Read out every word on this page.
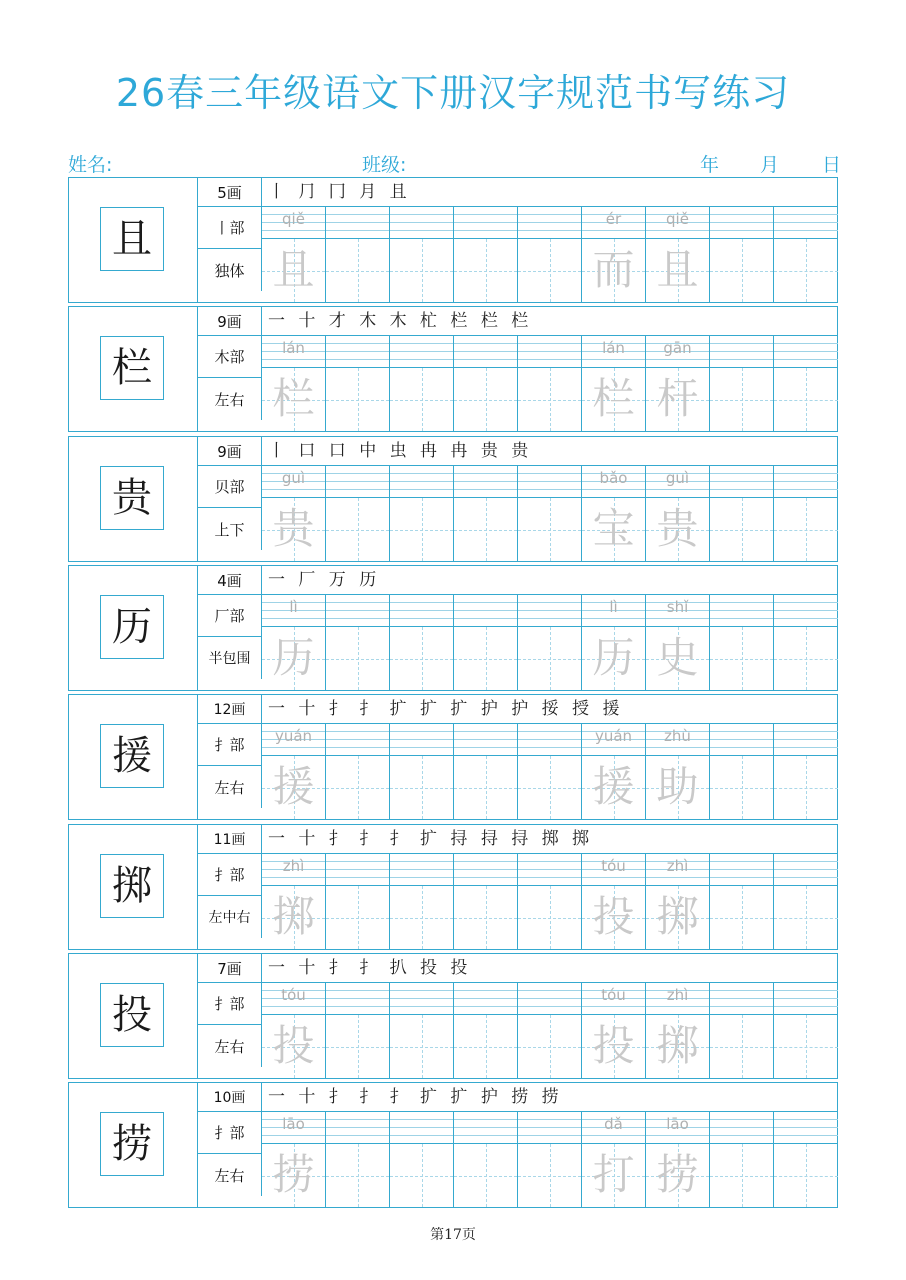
26春三年级语文下册汉字规范书写练习
姓名:	班级:	年 月 日
且
5画
丨部
独体
丨 ⺆ 冂 月 且
qiě
且
ér
而
qiě
且
栏
9画
木部
左右
一 十 才 木 木 杧 栏 栏 栏
lán
栏
lán
栏
gān
杆
贵
9画
贝部
上下
丨 口 口 中 虫 冉 冉 贵 贵
guì
贵
bǎo
宝
guì
贵
历
4画
厂部
半包围
一 厂 万 历
lì
历
lì
历
shǐ
史
援
12画
扌部
左右
一 十 扌 扌 扩 扩 扩 护 护 挼 授 援
yuán
援
yuán
援
zhù
助
掷
11画
扌部
左中右
一 十 扌 扌 扌 扩 挦 挦 挦 掷 掷
zhì
掷
tóu
投
zhì
掷
投
7画
扌部
左右
一 十 扌 扌 扒 投 投
tóu
投
tóu
投
zhì
掷
捞
10画
扌部
左右
一 十 扌 扌 扌 扩 扩 护 捞 捞
lāo
捞
dǎ
打
lāo
捞
第17页
